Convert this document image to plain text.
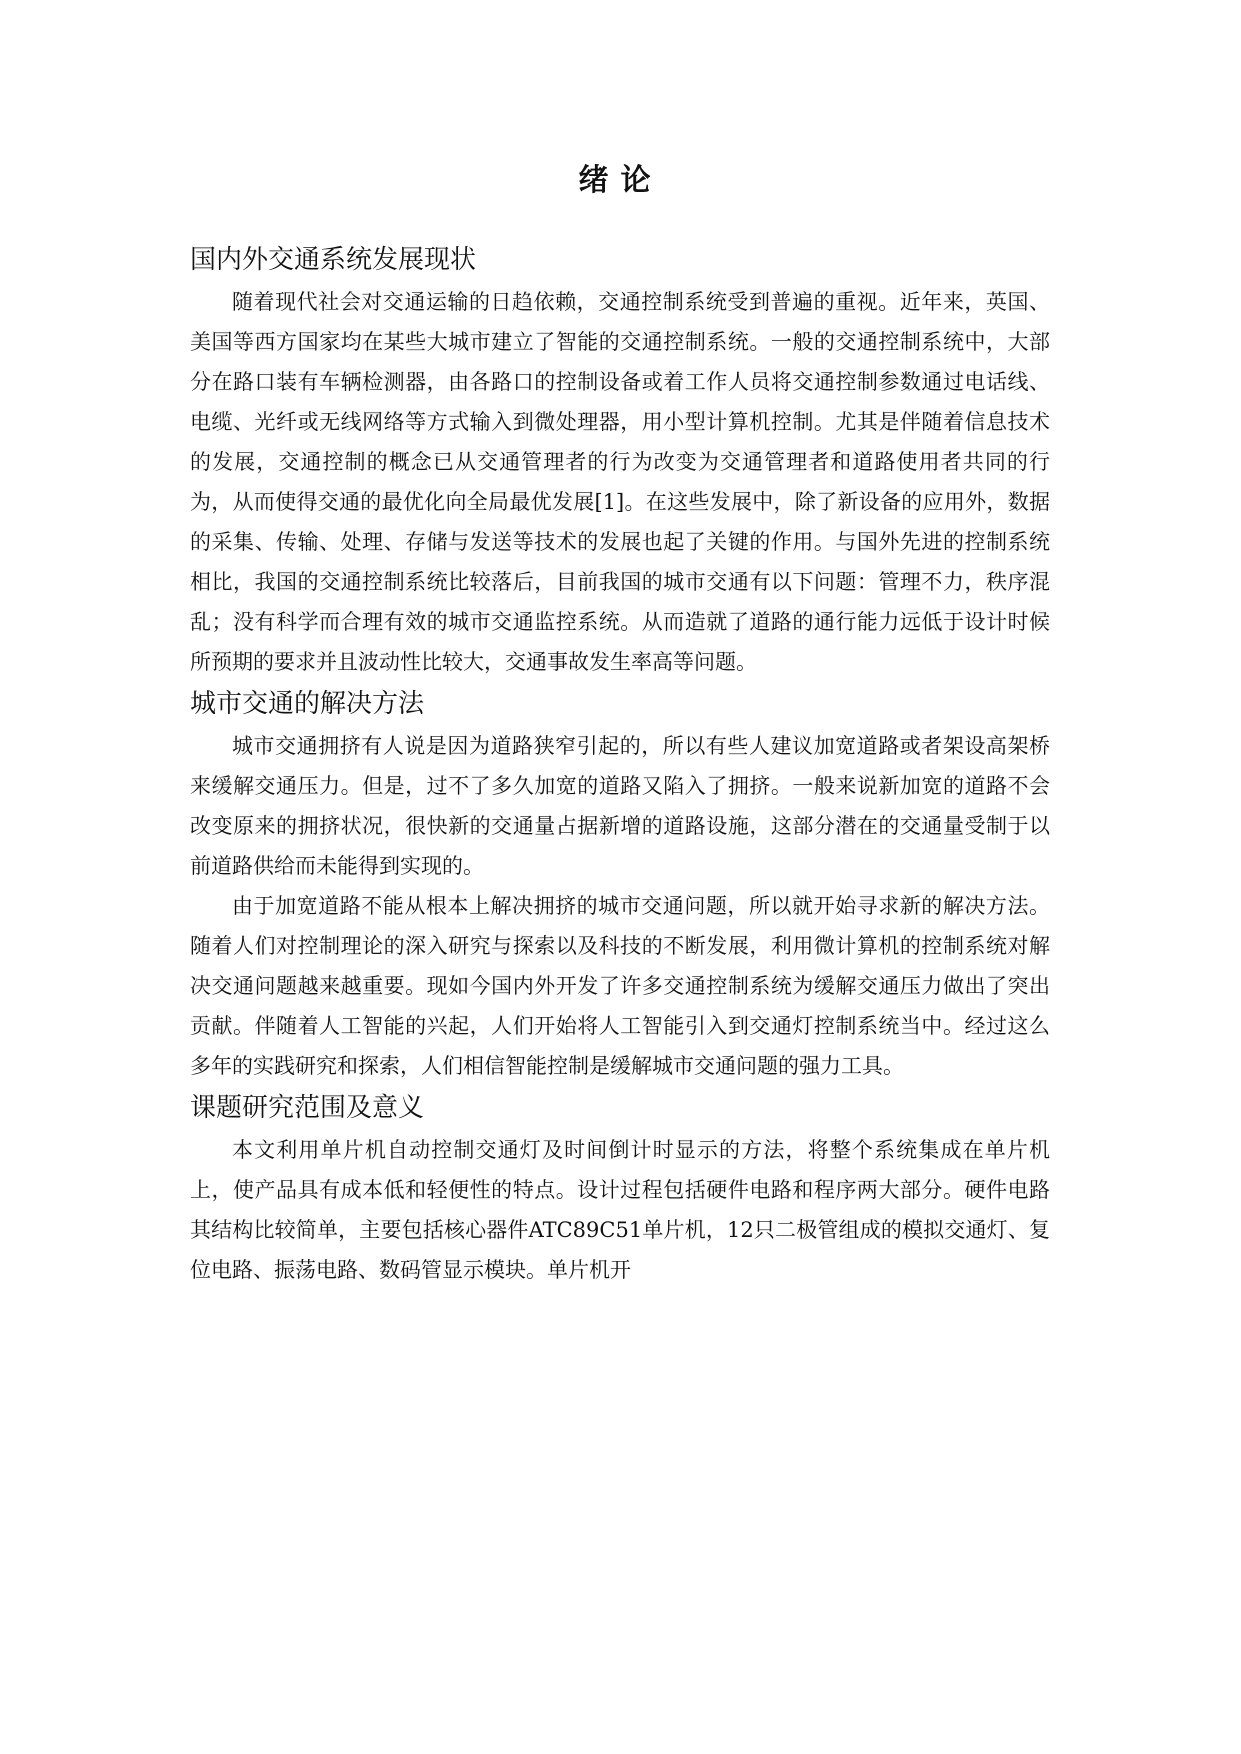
绪论
国内外交通系统发展现状

随着现代社会对交通运输的日趋依赖，交通控制系统受到普遍的重视。近年来，英国、美国等西方国家均在某些大城市建立了智能的交通控制系统。一般的交通控制系统中，大部分在路口装有车辆检测器，由各路口的控制设备或着工作人员将交通控制参数通过电话线、电缆、光纤或无线网络等方式输入到微处理器，用小型计算机控制。尤其是伴随着信息技术的发展，交通控制的概念已从交通管理者的行为改变为交通管理者和道路使用者共同的行为，从而使得交通的最优化向全局最优发展[1]。在这些发展中，除了新设备的应用外，数据的采集、传输、处理、存储与发送等技术的发展也起了关键的作用。与国外先进的控制系统相比，我国的交通控制系统比较落后，目前我国的城市交通有以下问题：管理不力，秩序混乱；没有科学而合理有效的城市交通监控系统。从而造就了道路的通行能力远低于设计时候所预期的要求并且波动性比较大，交通事故发生率高等问题。

城市交通的解决方法

城市交通拥挤有人说是因为道路狭窄引起的，所以有些人建议加宽道路或者架设高架桥来缓解交通压力。但是，过不了多久加宽的道路又陷入了拥挤。一般来说新加宽的道路不会改变原来的拥挤状况，很快新的交通量占据新增的道路设施，这部分潜在的交通量受制于以前道路供给而未能得到实现的。

由于加宽道路不能从根本上解决拥挤的城市交通问题，所以就开始寻求新的解决方法。随着人们对控制理论的深入研究与探索以及科技的不断发展，利用微计算机的控制系统对解决交通问题越来越重要。现如今国内外开发了许多交通控制系统为缓解交通压力做出了突出贡献。伴随着人工智能的兴起，人们开始将人工智能引入到交通灯控制系统当中。经过这么多年的实践研究和探索，人们相信智能控制是缓解城市交通问题的强力工具。

课题研究范围及意义

本文利用单片机自动控制交通灯及时间倒计时显示的方法，将整个系统集成在单片机上，使产品具有成本低和轻便性的特点。设计过程包括硬件电路和程序两大部分。硬件电路其结构比较简单，主要包括核心器件ATC89C51单片机，12只二极管组成的模拟交通灯、复位电路、振荡电路、数码管显示模块。单片机开
